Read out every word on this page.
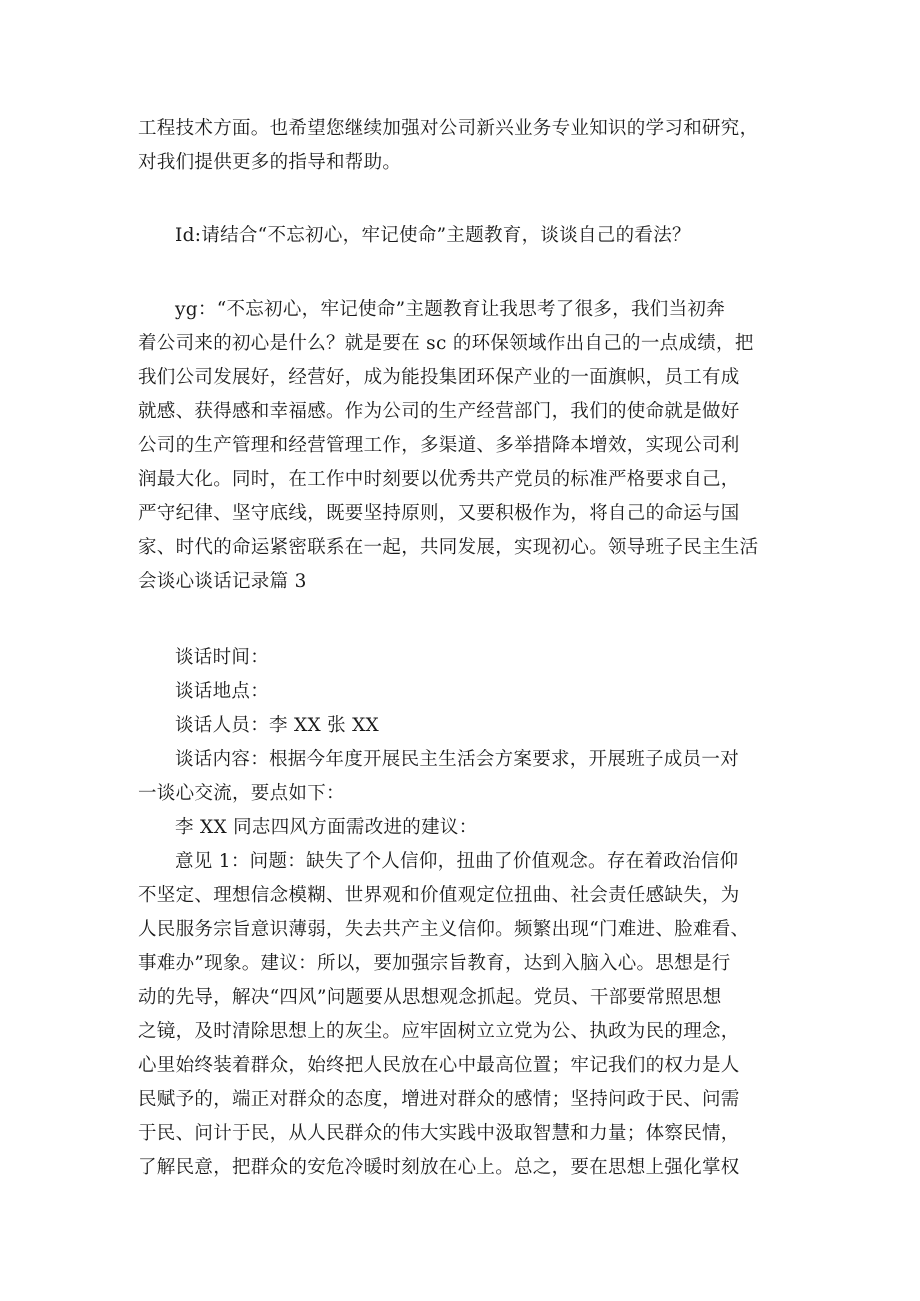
工程技术方面。也希望您继续加强对公司新兴业务专业知识的学习和研究，
对我们提供更多的指导和帮助。
Id:请结合“不忘初心，牢记使命”主题教育，谈谈自己的看法？
yg：“不忘初心，牢记使命”主题教育让我思考了很多，我们当初奔
着公司来的初心是什么？就是要在 sc 的环保领域作出自己的一点成绩，把
我们公司发展好，经营好，成为能投集团环保产业的一面旗帜，员工有成
就感、获得感和幸福感。作为公司的生产经营部门，我们的使命就是做好
公司的生产管理和经营管理工作，多渠道、多举措降本增效，实现公司利
润最大化。同时，在工作中时刻要以优秀共产党员的标准严格要求自己，
严守纪律、坚守底线，既要坚持原则，又要积极作为，将自己的命运与国
家、时代的命运紧密联系在一起，共同发展，实现初心。领导班子民主生活
会谈心谈话记录篇 3
谈话时间：
谈话地点：
谈话人员：李 XX 张 XX
谈话内容：根据今年度开展民主生活会方案要求，开展班子成员一对
一谈心交流，要点如下：
李 XX 同志四风方面需改进的建议：
意见 1：问题：缺失了个人信仰，扭曲了价值观念。存在着政治信仰
不坚定、理想信念模糊、世界观和价值观定位扭曲、社会责任感缺失，为
人民服务宗旨意识薄弱，失去共产主义信仰。频繁出现“门难进、脸难看、
事难办”现象。建议：所以，要加强宗旨教育，达到入脑入心。思想是行
动的先导，解决“四风”问题要从思想观念抓起。党员、干部要常照思想
之镜，及时清除思想上的灰尘。应牢固树立立党为公、执政为民的理念，
心里始终装着群众，始终把人民放在心中最高位置；牢记我们的权力是人
民赋予的，端正对群众的态度，增进对群众的感情；坚持问政于民、问需
于民、问计于民，从人民群众的伟大实践中汲取智慧和力量；体察民情，
了解民意，把群众的安危冷暖时刻放在心上。总之，要在思想上强化掌权
